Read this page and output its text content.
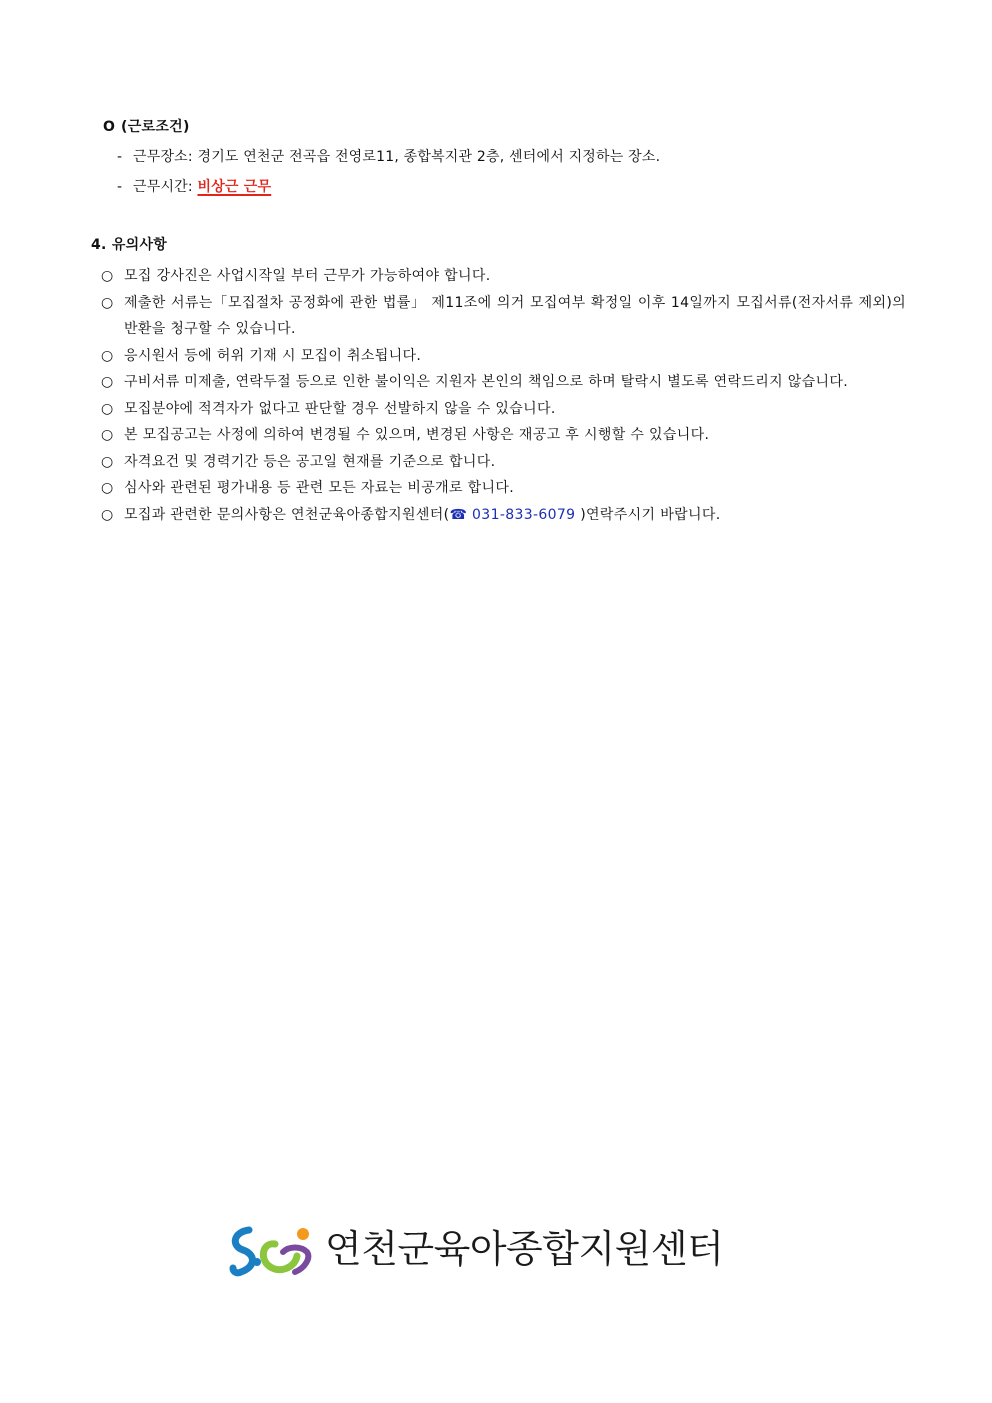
O (근로조건)
- 근무장소: 경기도 연천군 전곡읍 전영로11, 종합복지관 2층, 센터에서 지정하는 장소.
- 근무시간: 비상근 근무
4. 유의사항
○ 모집 강사진은 사업시작일 부터 근무가 가능하여야 합니다.
○ 제출한 서류는「모집절차 공정화에 관한 법률」 제11조에 의거 모집여부 확정일 이후 14일까지 모집서류(전자서류 제외)의 반환을 청구할 수 있습니다.
○ 응시원서 등에 허위 기재 시 모집이 취소됩니다.
○ 구비서류 미제출, 연락두절 등으로 인한 불이익은 지원자 본인의 책임으로 하며 탈락시 별도록 연락드리지 않습니다.
○ 모집분야에 적격자가 없다고 판단할 경우 선발하지 않을 수 있습니다.
○ 본 모집공고는 사정에 의하여 변경될 수 있으며, 변경된 사항은 재공고 후 시행할 수 있습니다.
○ 자격요건 및 경력기간 등은 공고일 현재를 기준으로 합니다.
○ 심사와 관련된 평가내용 등 관련 모든 자료는 비공개로 합니다.
○ 모집과 관련한 문의사항은 연천군육아종합지원센터(☎ 031-833-6079 )연락주시기 바랍니다.
연천군육아종합지원센터
